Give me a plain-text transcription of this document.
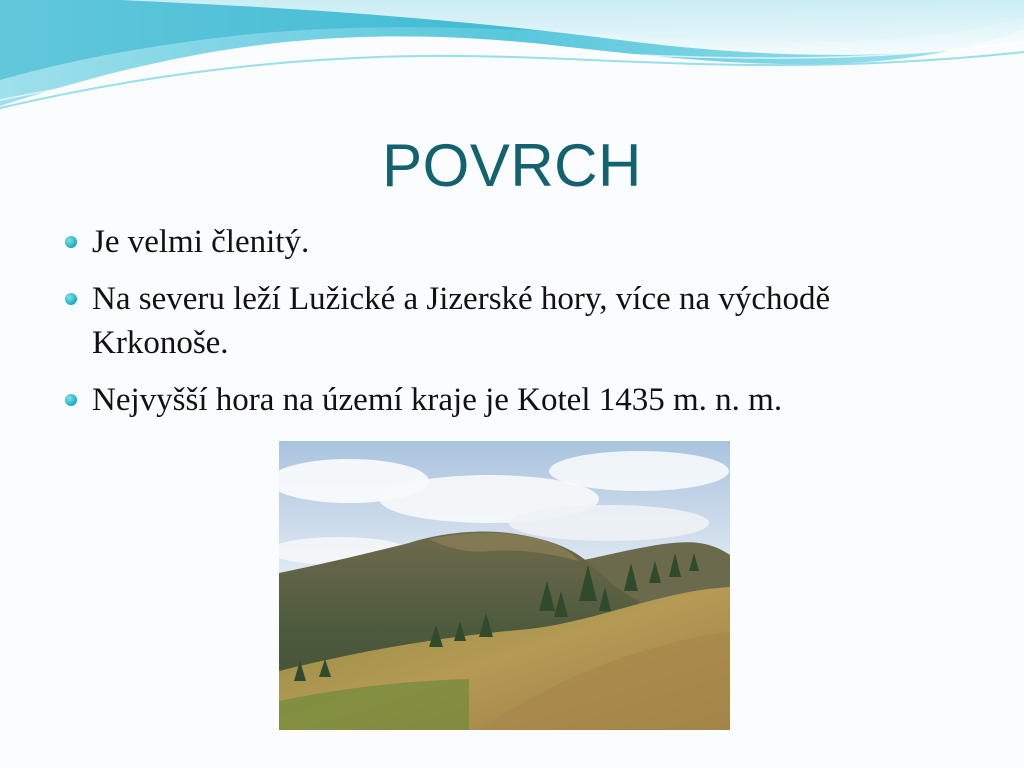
POVRCH
Je velmi členitý.
Na severu leží Lužické a Jizerské hory, více na východě Krkonoše.
Nejvyšší hora na území kraje je Kotel 1435 m. n. m.
